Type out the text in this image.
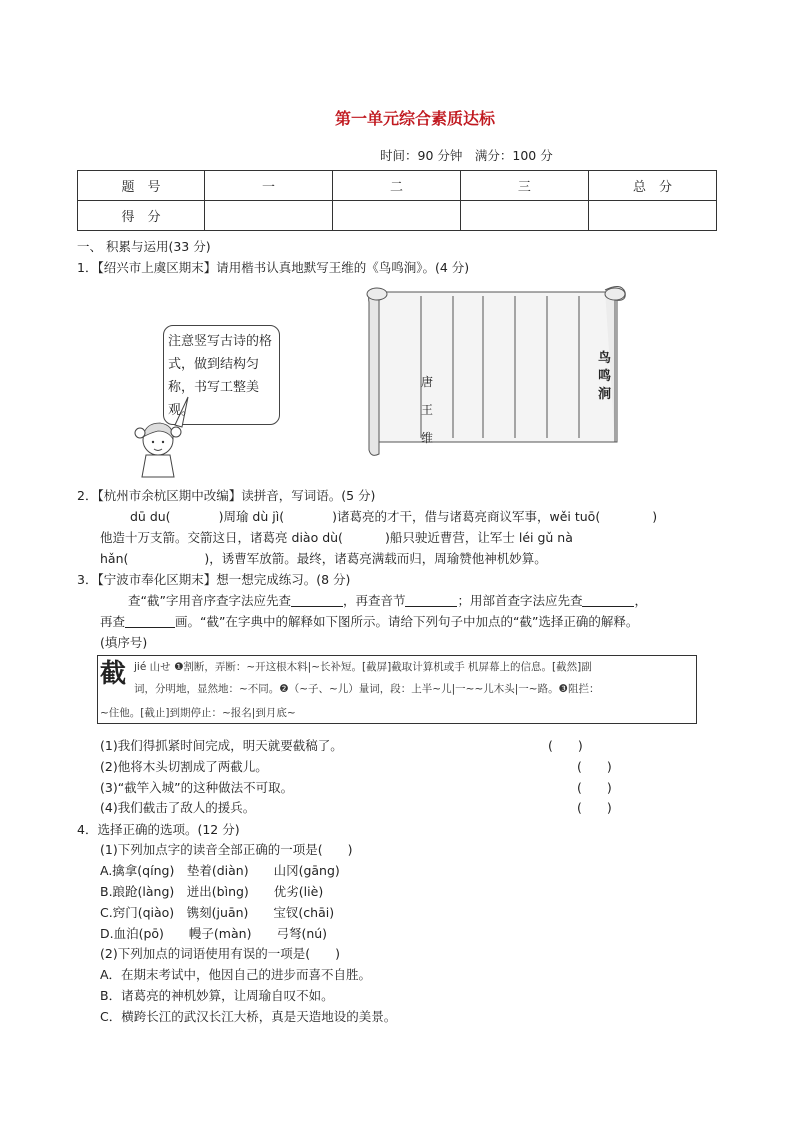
第一单元综合素质达标
时间：90 分钟　满分：100 分
题　号	一	二	三	总　分
得　分				
一、 积累与运用(33 分)
1．【绍兴市上虞区期末】请用楷书认真地默写王维的《鸟鸣涧》。(4 分)
注意竖写古诗的格式，做到结构匀称，书写工整美观。
鸟
鸣
涧
唐
王
维
2．【杭州市余杭区期中改编】读拼音，写词语。(5 分)
dū du(	)周瑜 dù jì(	)诸葛亮的才干，借与诸葛亮商议军事，wěi tuō(	)
他造十万支箭。交箭这日，诸葛亮 diào dù(	)船只驶近曹营，让军士 léi gǔ nà
hǎn(	)，诱曹军放箭。最终，诸葛亮满载而归，周瑜赞他神机妙算。
3．【宁波市奉化区期末】想一想完成练习。(8 分)
查“截”字用音序查字法应先查	，再查音节	；用部首查字法应先查	，
再查	画。“截”在字典中的解释如下图所示。请给下列句子中加点的“截”选择正确的解释。
(填序号)
截 jié 山せ ❶割断，弄断：~开这根木料|~长补短。[截屏]截取计算机或手 机屏幕上的信息。[截然]副
词，分明地，显然地：~不同。❷（~子、~儿）量词，段：上半~儿|一~~儿木头|一~路。❸阻拦：
~住他。[截止]到期停止：~报名|到月底~
(1)我们得抓紧时间完成，明天就要截稿了。	(　　)
(2)他将木头切割成了两截儿。	(　　)
(3)“截竿入城”的这种做法不可取。	(　　)
(4)我们截击了敌人的援兵。	(　　)
4．选择正确的选项。(12 分)
(1)下列加点字的读音全部正确的一项是(　　)
A.擒拿(qíng)　垫着(diàn)　　山冈(gāng)
B.踉跄(làng)　迸出(bìng)　　优劣(liè)
C.窍门(qiào)　镌刻(juān)　　宝钗(chāi)
D.血泊(pō)　　幔子(màn)　　弓弩(nú)
(2)下列加点的词语使用有误的一项是(　　)
A．在期末考试中，他因自己的进步而喜不自胜。
B．诸葛亮的神机妙算，让周瑜自叹不如。
C．横跨长江的武汉长江大桥，真是天造地设的美景。
